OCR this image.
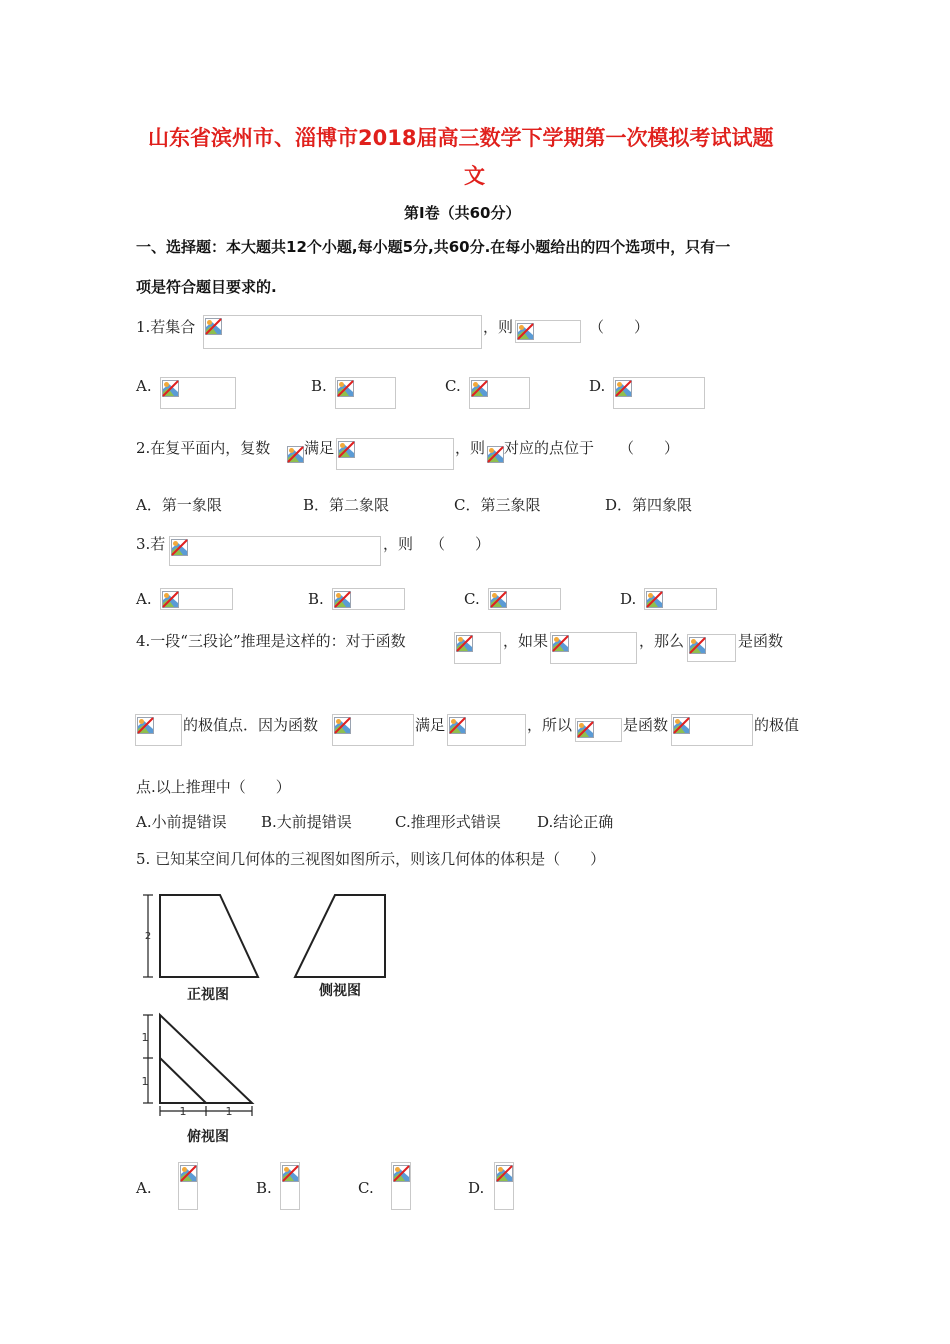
山东省滨州市、淄博市2018届高三数学下学期第一次模拟考试试题
文
第Ⅰ卷（共60分）
一、选择题：本大题共12个小题,每小题5分,共60分.在每小题给出的四个选项中，只有一
项是符合题目要求的.
1.若集合	，则	（　　）
A.	B.	C.	D.
2.在复平面内，复数 满足	，则 对应的点位于 （　　）
A．第一象限	B．第二象限	C．第三象限	D．第四象限
3.若	，则 （　　）
A.	B.	C.	D.
4.一段“三段论”推理是这样的：对于函数	，如果	，那么	是函数
的极值点．因为函数	满足	，所以	是函数	的极值
点.以上推理中（　　）
A.小前提错误 B.大前提错误	C.推理形式错误 D.结论正确
5. 已知某空间几何体的三视图如图所示，则该几何体的体积是（　　）
2
1
1
1	1
正视图	侧视图
俯视图
A.	B.	C.	D.
